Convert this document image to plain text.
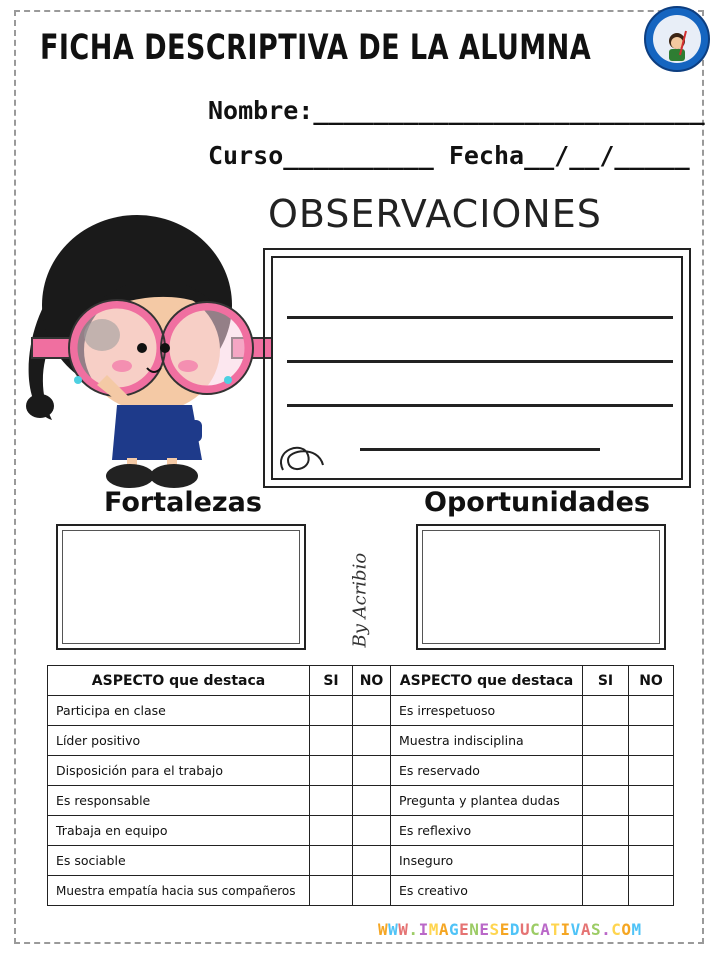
FICHA DESCRIPTIVA DE LA ALUMNA
Nombre:__________________________
Curso__________ Fecha__/__/_____
OBSERVACIONES
Fortalezas	Oportunidades
By Acribio
ASPECTO que destaca	SI	NO	ASPECTO que destaca	SI	NO
Participa en clase			Es irrespetuoso		
Líder positivo			Muestra indisciplina		
Disposición para el trabajo			Es reservado		
Es responsable			Pregunta y plantea dudas		
Trabaja en equipo			Es reflexivo		
Es sociable			Inseguro		
Muestra empatía hacia sus compañeros			Es creativo		
WWW.IMAGENESEDUCATIVAS.COM
